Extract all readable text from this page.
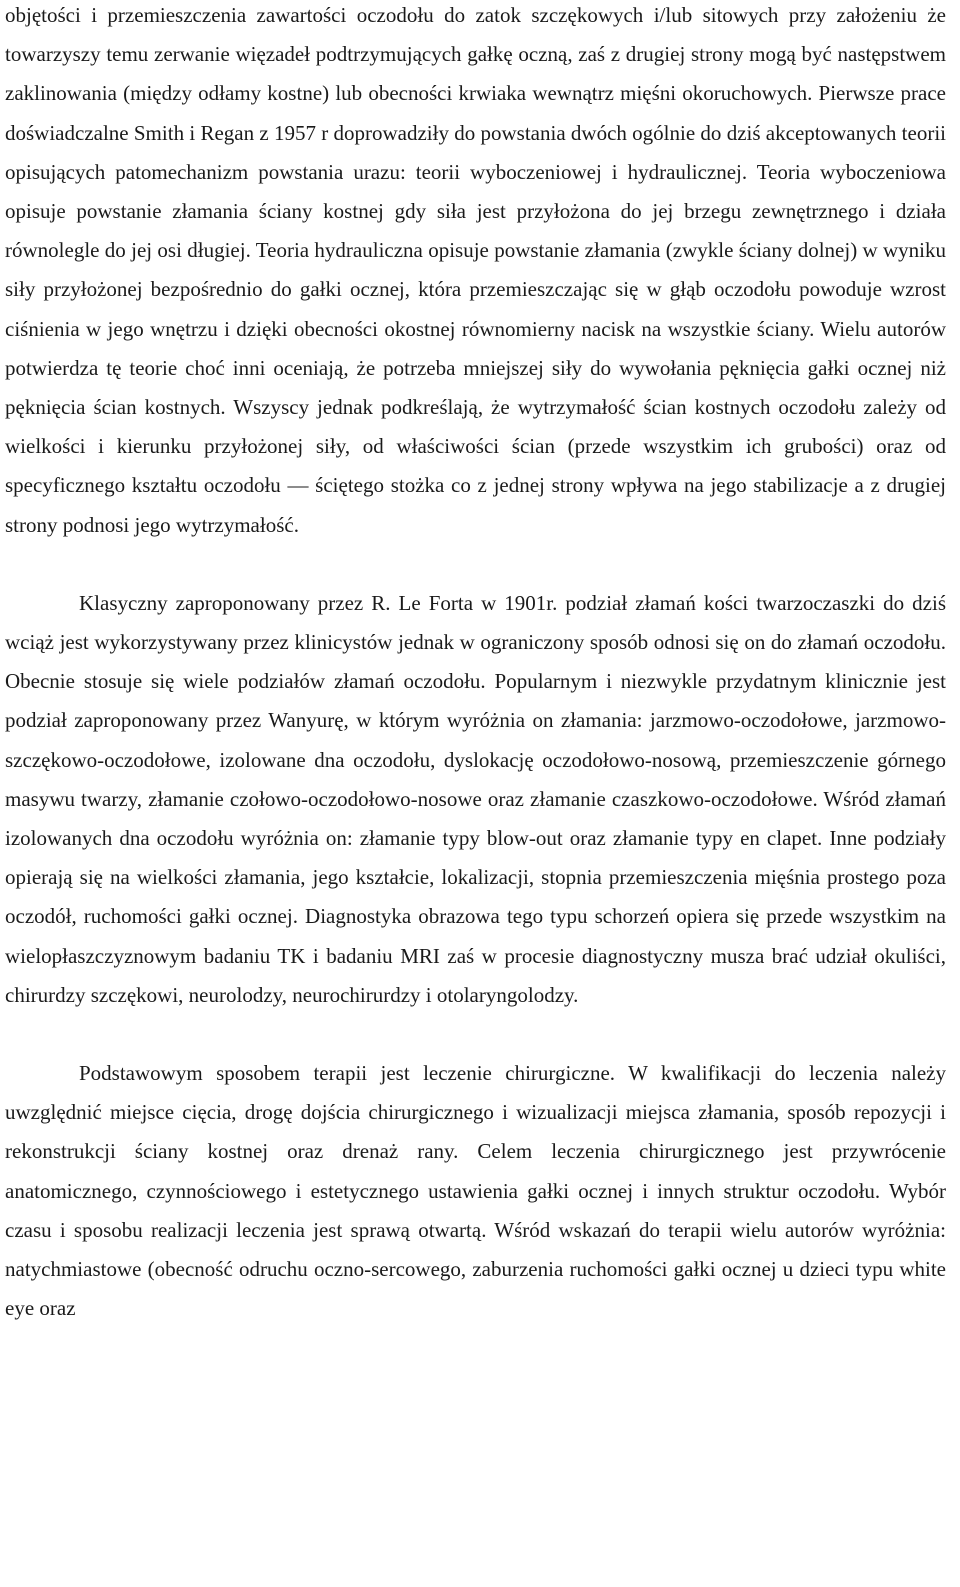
objętości i przemieszczenia zawartości oczodołu do zatok szczękowych i/lub sitowych przy założeniu że towarzyszy temu zerwanie więzadeł podtrzymujących gałkę oczną, zaś z drugiej strony mogą być następstwem zaklinowania (między odłamy kostne) lub obecności krwiaka wewnątrz mięśni okoruchowych. Pierwsze prace doświadczalne Smith i Regan z 1957 r doprowadziły do powstania dwóch ogólnie do dziś akceptowanych teorii opisujących patomechanizm powstania urazu: teorii wyboczeniowej i hydraulicznej. Teoria wyboczeniowa opisuje powstanie złamania ściany kostnej gdy siła jest przyłożona do jej brzegu zewnętrznego i działa równolegle do jej osi długiej. Teoria hydrauliczna opisuje powstanie złamania (zwykle ściany dolnej) w wyniku siły przyłożonej bezpośrednio do gałki ocznej, która przemieszczając się w głąb oczodołu powoduje wzrost ciśnienia w jego wnętrzu i dzięki obecności okostnej równomierny nacisk na wszystkie ściany. Wielu autorów potwierdza tę teorie choć inni oceniają, że potrzeba mniejszej siły do wywołania pęknięcia gałki ocznej niż pęknięcia ścian kostnych. Wszyscy jednak podkreślają, że wytrzymałość ścian kostnych oczodołu zależy od wielkości i kierunku przyłożonej siły, od właściwości ścian (przede wszystkim ich grubości) oraz od specyficznego kształtu oczodołu — ściętego stożka co z jednej strony wpływa na jego stabilizacje a z drugiej strony podnosi jego wytrzymałość.

Klasyczny zaproponowany przez R. Le Forta w 1901r. podział złamań kości twarzoczaszki do dziś wciąż jest wykorzystywany przez klinicystów jednak w ograniczony sposób odnosi się on do złamań oczodołu. Obecnie stosuje się wiele podziałów złamań oczodołu. Popularnym i niezwykle przydatnym klinicznie jest podział zaproponowany przez Wanyurę, w którym wyróżnia on złamania: jarzmowo-oczodołowe, jarzmowo-szczękowo-oczodołowe, izolowane dna oczodołu, dyslokację oczodołowo-nosową, przemieszczenie górnego masywu twarzy, złamanie czołowo-oczodołowo-nosowe oraz złamanie czaszkowo-oczodołowe. Wśród złamań izolowanych dna oczodołu wyróżnia on: złamanie typy blow-out oraz złamanie typy en clapet. Inne podziały opierają się na wielkości złamania, jego kształcie, lokalizacji, stopnia przemieszczenia mięśnia prostego poza oczodół, ruchomości gałki ocznej. Diagnostyka obrazowa tego typu schorzeń opiera się przede wszystkim na wielopłaszczyznowym badaniu TK i badaniu MRI zaś w procesie diagnostyczny musza brać udział okuliści, chirurdzy szczękowi, neurolodzy, neurochirurdzy i otolaryngolodzy.

Podstawowym sposobem terapii jest leczenie chirurgiczne. W kwalifikacji do leczenia należy uwzględnić miejsce cięcia, drogę dojścia chirurgicznego i wizualizacji miejsca złamania, sposób repozycji i rekonstrukcji ściany kostnej oraz drenaż rany. Celem leczenia chirurgicznego jest przywrócenie anatomicznego, czynnościowego i estetycznego ustawienia gałki ocznej i innych struktur oczodołu. Wybór czasu i sposobu realizacji leczenia jest sprawą otwartą. Wśród wskazań do terapii wielu autorów wyróżnia: natychmiastowe (obecność odruchu oczno-sercowego, zaburzenia ruchomości gałki ocznej u dzieci typu white eye oraz
